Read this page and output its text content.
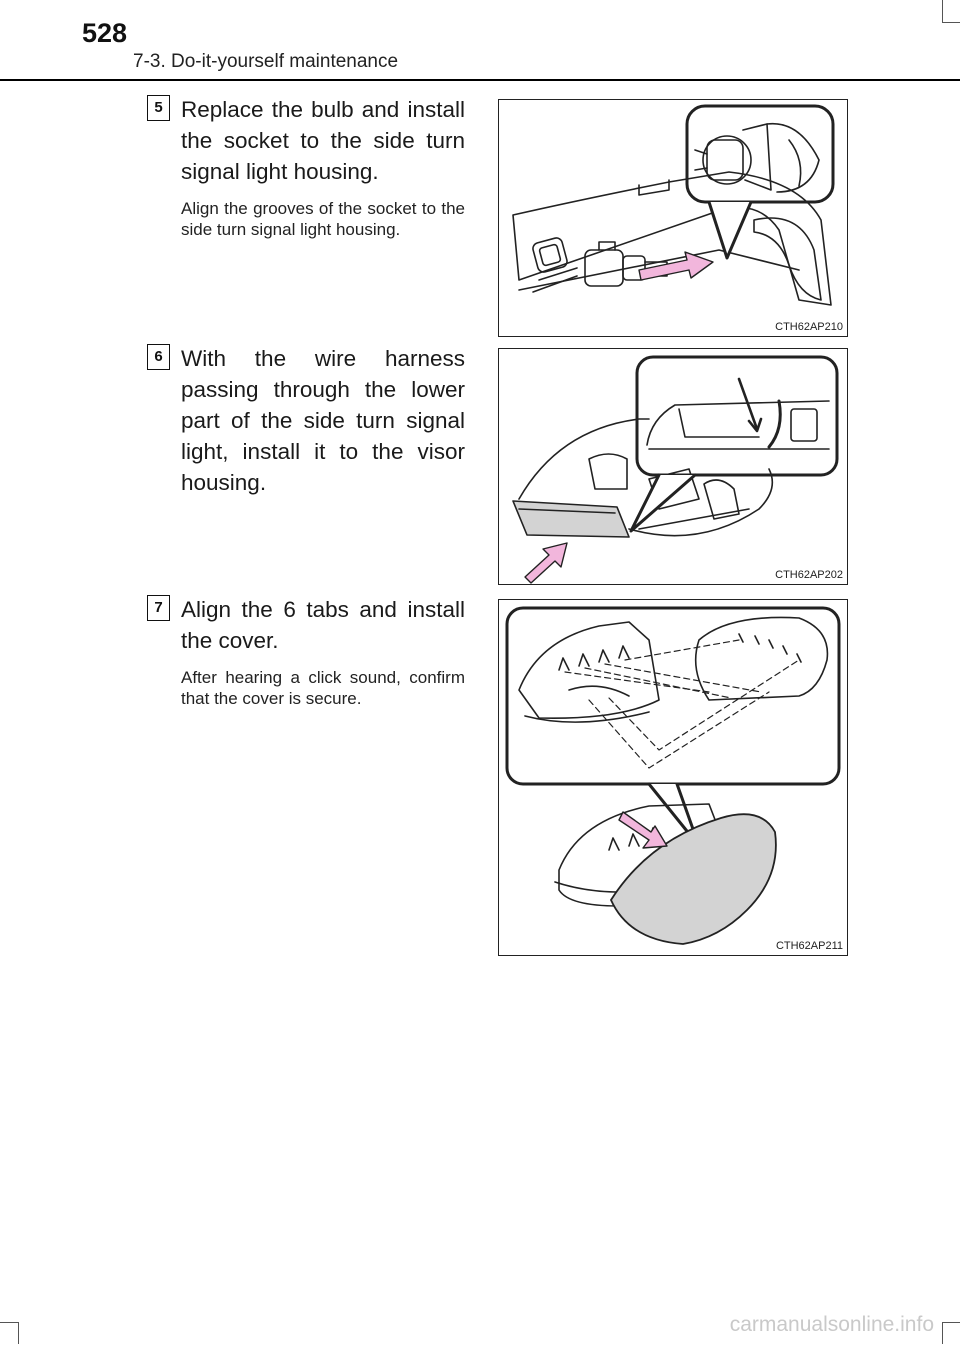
528
7-3. Do-it-yourself maintenance
5 Replace the bulb and install the socket to the side turn signal light housing.
Align the grooves of the socket to the side turn signal light housing.
CTH62AP210
6 With the wire harness passing through the lower part of the side turn signal light, install it to the visor housing.
CTH62AP202
7 Align the 6 tabs and install the cover.
After hearing a click sound, confirm that the cover is secure.
CTH62AP211
carmanualsonline.info
